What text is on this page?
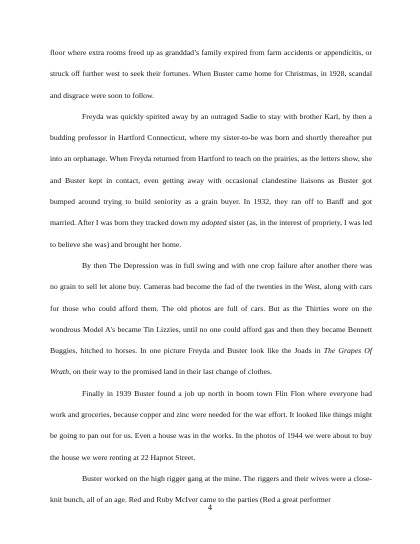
floor where extra rooms freed up as granddad’s family expired from farm accidents or appendicitis, or struck off further west to seek their fortunes. When Buster came home for Christmas, in 1928, scandal and disgrace were soon to follow.

Freyda was quickly spirited away by an outraged Sadie to stay with brother Karl, by then a budding professor in Hartford Connecticut, where my sister-to-be was born and shortly thereafter put into an orphanage. When Freyda returned from Hartford to teach on the prairies, as the letters show, she and Buster kept in contact, even getting away with occasional clandestine liaisons as Buster got bumped around trying to build seniority as a grain buyer. In 1932, they ran off to Banff and got married. After I was born they tracked down my adopted sister (as, in the interest of propriety, I was led to believe she was) and brought her home.

By then The Depression was in full swing and with one crop failure after another there was no grain to sell let alone buy. Cameras had become the fad of the twenties in the West, along with cars for those who could afford them. The old photos are full of cars. But as the Thirties wore on the wondrous Model A's became Tin Lizzies, until no one could afford gas and then they became Bennett Buggies, hitched to horses. In one picture Freyda and Buster look like the Joads in The Grapes Of Wrath, on their way to the promised land in their last change of clothes.

Finally in 1939 Buster found a job up north in boom town Flin Flon where everyone had work and groceries, because copper and zinc were needed for the war effort. It looked like things might be going to pan out for us. Even a house was in the works. In the photos of 1944 we were about to buy the house we were renting at 22 Hapnot Street.

Buster worked on the high rigger gang at the mine. The riggers and their wives were a close-knit bunch, all of an age. Red and Ruby McIver came to the parties (Red a great performer

4
